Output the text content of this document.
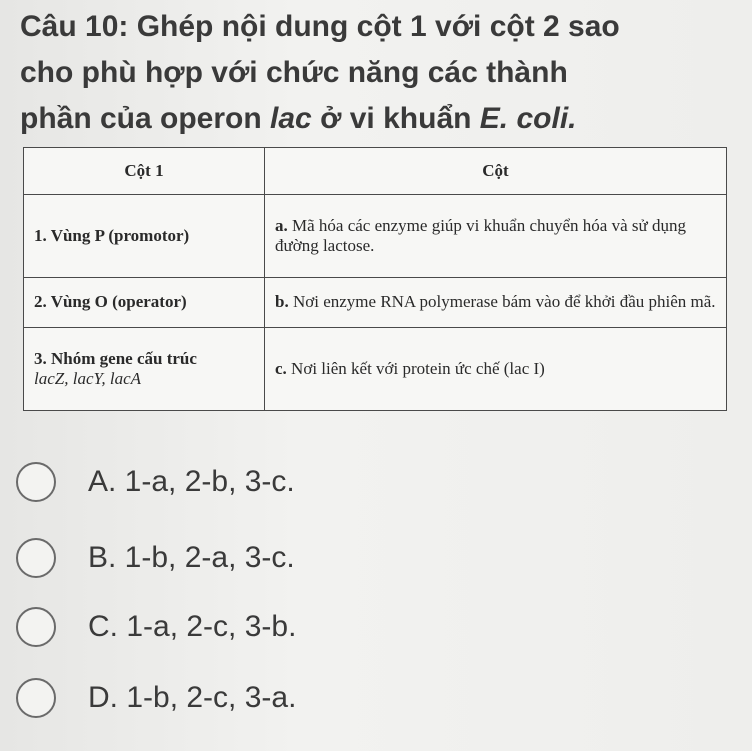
Câu 10: Ghép nội dung cột 1 với cột 2 sao
cho phù hợp với chức năng các thành
phần của operon lac ở vi khuẩn E. coli.
Cột 1	Cột
1. Vùng P (promotor)	a. Mã hóa các enzyme giúp vi khuẩn chuyển hóa và sử dụng đường lactose.
2. Vùng O (operator)	b. Nơi enzyme RNA polymerase bám vào để khởi đầu phiên mã.
3. Nhóm gene cấu trúc
lacZ, lacY, lacA	c. Nơi liên kết với protein ức chế (lac I)
A. 1-a, 2-b, 3-c.
B. 1-b, 2-a, 3-c.
C. 1-a, 2-c, 3-b.
D. 1-b, 2-c, 3-a.
